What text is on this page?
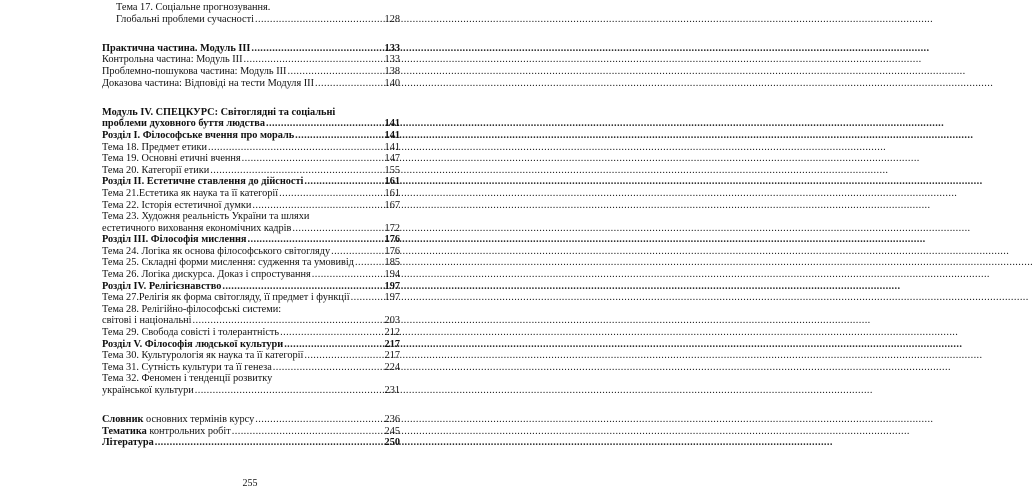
Тема 17. Соціальне прогнозування.
Глобальні проблеми сучасності .....	128
Практична частина. Модуль III .....	133
Контрольна частина: Модуль III .....	133
Проблемно-пошукова частина: Модуль III .....	138
Доказова частина: Відповіді на тести Модуля III .....	140
Модуль IV. СПЕЦКУРС: Світоглядні та соціальні
проблеми духовного буття людства .....	141
Розділ І. Філософське вчення про мораль .....	141
Тема 18. Предмет етики .....	141
Тема 19. Основні етичні вчення .....	147
Тема 20. Категорії етики .....	155
Розділ ІІ. Естетичне ставлення до дійсності .....	161
Тема 21.Естетика як наука та її категорії .....	161
Тема 22. Історія естетичної думки .....	167
Тема 23. Художня реальність України та шляхи
естетичного виховання економічних кадрів .....	172
Розділ ІІІ. Філософія мислення .....	176
Тема 24. Логіка як основа філософського світогляду .....	176
Тема 25. Складні форми мислення: судження та умовивід .....	185
Тема 26. Логіка дискурса. Доказ і спростування .....	194
Розділ IV. Релігієзнавство .....	197
Тема 27.Релігія як форма світогляду, її предмет і функції .....	197
Тема 28. Релігійно-філософські системи:
світові і національні .....	203
Тема 29. Свобода совісті і толерантність .....	212
Розділ V. Філософія людської культури .....	217
Тема 30. Культурологія як наука та її категорії .....	217
Тема 31. Сутність культури та її генеза .....	224
Тема 32. Феномен і тенденції розвитку
української культури .....	231
Словник основних термінів курсу .....	236
Тематика контрольних робіт .....	245
Література .....	250
255
